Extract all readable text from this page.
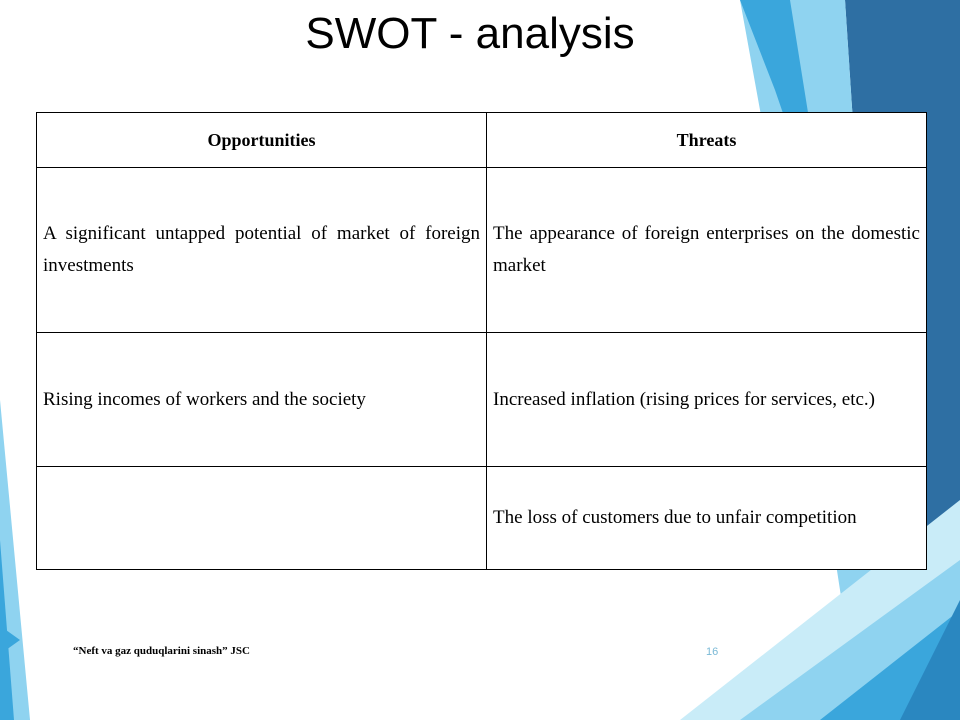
SWOT - analysis
Opportunities	Threats
A significant untapped potential of market of foreign investments	The appearance of foreign enterprises on the domestic market
Rising incomes of workers and the society	Increased inflation (rising prices for services, etc.)
	The loss of customers due to unfair competition
“Neft va gaz quduqlarini sinash” JSC	16
